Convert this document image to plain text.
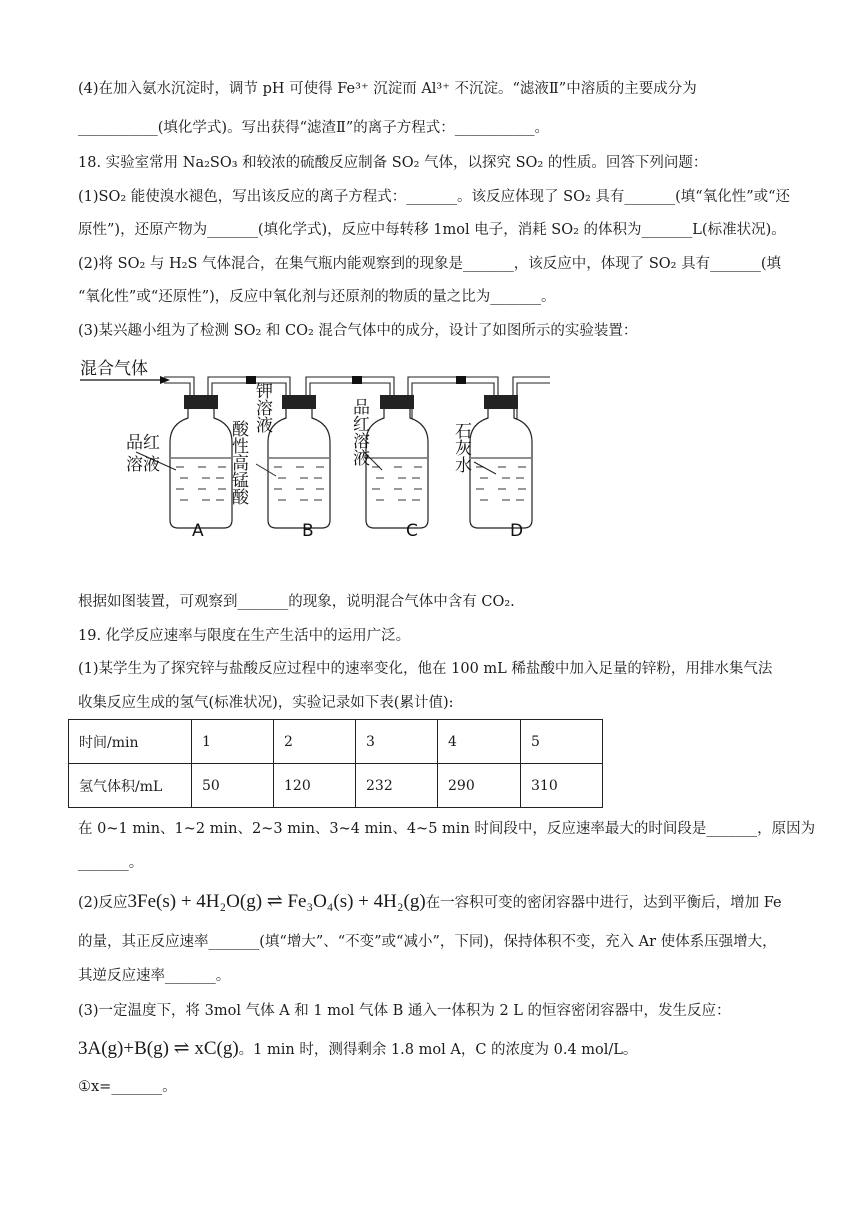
(4)在加入氨水沉淀时，调节 pH 可使得 Fe³⁺ 沉淀而 Al³⁺ 不沉淀。“滤液Ⅱ”中溶质的主要成分为
___________(填化学式)。写出获得“滤渣Ⅱ”的离子方程式：___________。
18. 实验室常用 Na₂SO₃ 和较浓的硫酸反应制备 SO₂ 气体，以探究 SO₂ 的性质。回答下列问题：
(1)SO₂ 能使溴水褪色，写出该反应的离子方程式：_______。该反应体现了 SO₂ 具有_______(填“氧化性”或“还
原性”)，还原产物为_______(填化学式)，反应中每转移 1mol 电子，消耗 SO₂ 的体积为_______L(标准状况)。
(2)将 SO₂ 与 H₂S 气体混合，在集气瓶内能观察到的现象是_______，该反应中，体现了 SO₂ 具有_______(填
“氧化性”或“还原性”)，反应中氧化剂与还原剂的物质的量之比为_______。
(3)某兴趣小组为了检测 SO₂ 和 CO₂ 混合气体中的成分，设计了如图所示的实验装置：
混合气体
品红
溶液
A
酸性高锰酸
钾溶液
B
品红溶液
C
石灰水
D
根据如图装置，可观察到_______的现象，说明混合气体中含有 CO₂.
19. 化学反应速率与限度在生产生活中的运用广泛。
(1)某学生为了探究锌与盐酸反应过程中的速率变化，他在 100 mL 稀盐酸中加入足量的锌粉，用排水集气法
收集反应生成的氢气(标准状况)，实验记录如下表(累计值):
时间/min	1	2	3	4	5
氢气体积/mL	50	120	232	290	310
在 0~1 min、1~2 min、2~3 min、3~4 min、4~5 min 时间段中，反应速率最大的时间段是_______，原因为
_______。
(2)反应3Fe(s) + 4H₂O(g) ⇌ Fe₃O₄(s) + 4H₂(g)在一容积可变的密闭容器中进行，达到平衡后，增加 Fe
的量，其正反应速率_______(填“增大”、“不变”或“减小”，下同)，保持体积不变，充入 Ar 使体系压强增大，
其逆反应速率_______。
(3)一定温度下，将 3mol 气体 A 和 1 mol 气体 B 通入一体积为 2 L 的恒容密闭容器中，发生反应：
3A(g)+B(g) ⇌ xC(g)。1 min 时，测得剩余 1.8 mol A，C 的浓度为 0.4 mol/L。
①x=_______。
